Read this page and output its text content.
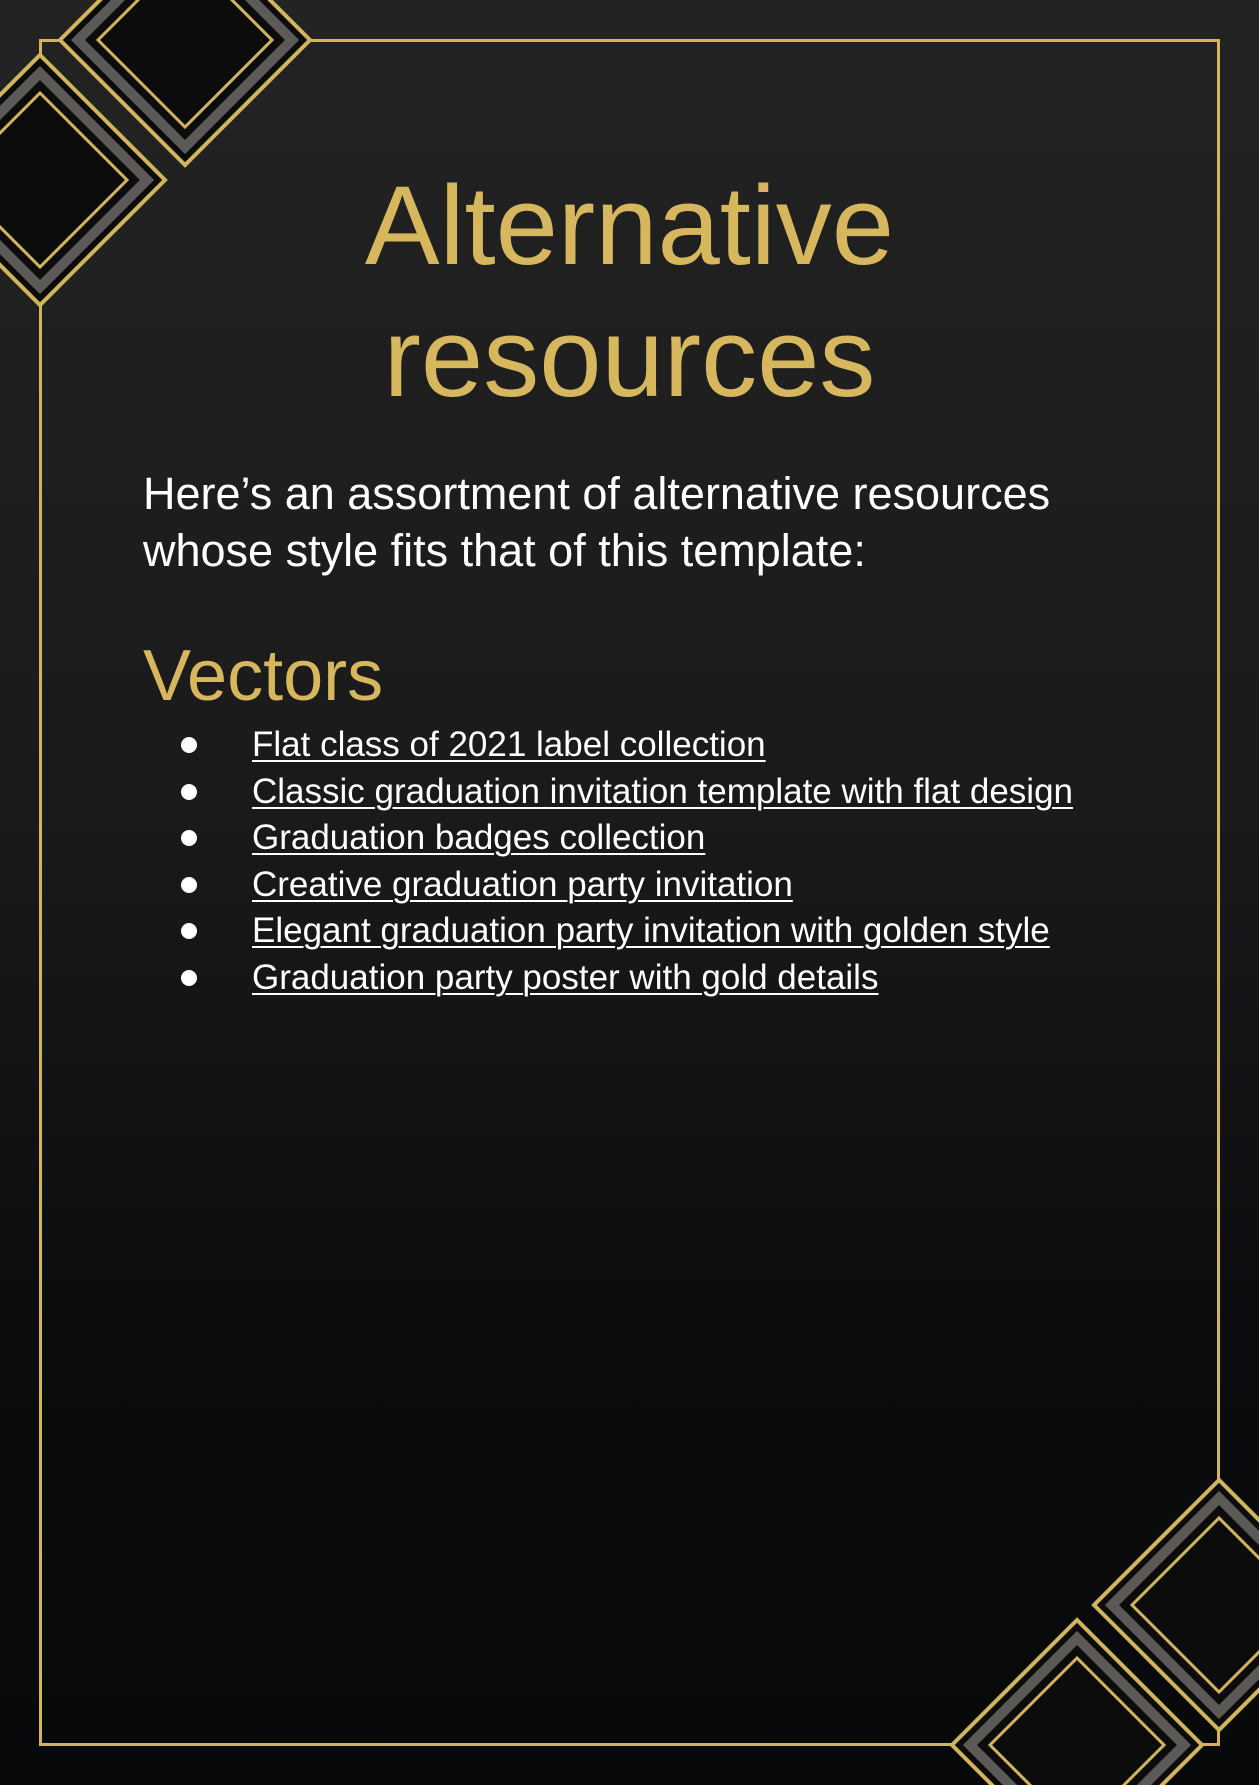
Alternative
resources

Here’s an assortment of alternative resources whose style fits that of this template:

Vectors
Flat class of 2021 label collection
Classic graduation invitation template with flat design
Graduation badges collection
Creative graduation party invitation
Elegant graduation party invitation with golden style
Graduation party poster with gold details
